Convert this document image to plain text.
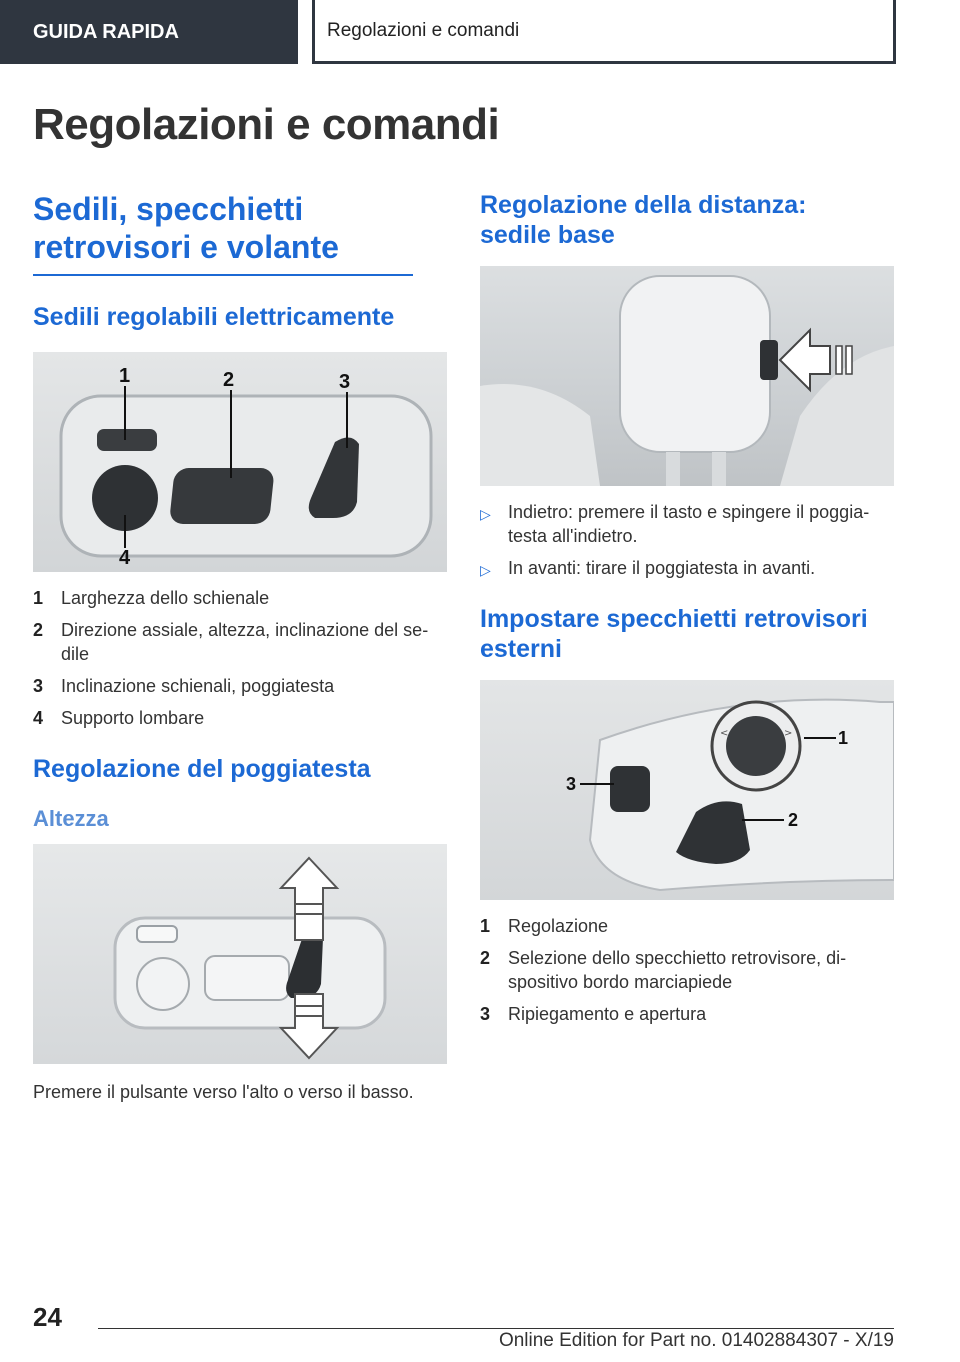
GUIDA RAPIDA	Regolazioni e comandi
Regolazioni e comandi
Sedili, specchietti retrovisori e volante
Sedili regolabili elettricamente
1	2	3
4
1 Larghezza dello schienale
2 Direzione assiale, altezza, inclinazione del se-dile
3 Inclinazione schienali, poggiatesta
4 Supporto lombare
Regolazione del poggiatesta
Altezza

Premere il pulsante verso l'alto o verso il basso.

Regolazione della distanza: sedile base
▷ Indietro: premere il tasto e spingere il poggia-testa all'indietro.
▷ In avanti: tirare il poggiatesta in avanti.
Impostare specchietti retrovisori esterni
<	>	1
2
3
1 Regolazione
2 Selezione dello specchietto retrovisore, di-spositivo bordo marciapiede
3 Ripiegamento e apertura
24
Online Edition for Part no. 01402884307 - X/19
